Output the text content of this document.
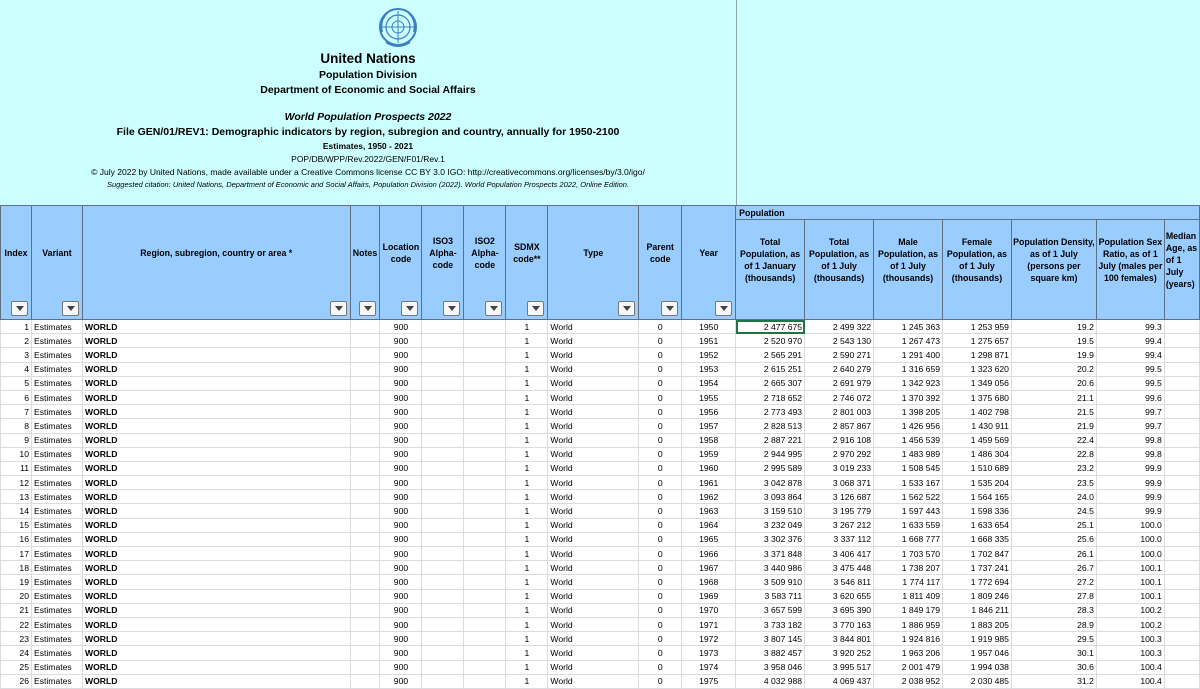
United Nations
Population Division
Department of Economic and Social Affairs
World Population Prospects 2022
File GEN/01/REV1: Demographic indicators by region, subregion and country, annually for 1950-2100
Estimates, 1950 - 2021
POP/DB/WPP/Rev.2022/GEN/F01/Rev.1
© July 2022 by United Nations, made available under a Creative Commons license CC BY 3.0 IGO: http://creativecommons.org/licenses/by/3.0/igo/
Suggested citation: United Nations, Department of Economic and Social Affairs, Population Division (2022). World Population Prospects 2022, Online Edition.
Index	Variant	Region, subregion, country or area *	Notes	Location code	ISO3 Alpha-code	ISO2 Alpha-code	SDMX code**	Type	Parent code	Year	Population						
											Total Population, as of 1 January (thousands)	Total Population, as of 1 July (thousands)	Male Population, as of 1 July (thousands)	Female Population, as of 1 July (thousands)	Population Density, as of 1 July (persons per square km)	Population Sex Ratio, as of 1 July (males per 100 females)	Median Age, as of 1 July (years)
1	Estimates	WORLD		900			1	World	0	1950	2 477 675	2 499 322	1 245 363	1 253 959	19.2	99.3	
2	Estimates	WORLD		900			1	World	0	1951	2 520 970	2 543 130	1 267 473	1 275 657	19.5	99.4	
3	Estimates	WORLD		900			1	World	0	1952	2 565 291	2 590 271	1 291 400	1 298 871	19.9	99.4	
4	Estimates	WORLD		900			1	World	0	1953	2 615 251	2 640 279	1 316 659	1 323 620	20.2	99.5	
5	Estimates	WORLD		900			1	World	0	1954	2 665 307	2 691 979	1 342 923	1 349 056	20.6	99.5	
6	Estimates	WORLD		900			1	World	0	1955	2 718 652	2 746 072	1 370 392	1 375 680	21.1	99.6	
7	Estimates	WORLD		900			1	World	0	1956	2 773 493	2 801 003	1 398 205	1 402 798	21.5	99.7	
8	Estimates	WORLD		900			1	World	0	1957	2 828 513	2 857 867	1 426 956	1 430 911	21.9	99.7	
9	Estimates	WORLD		900			1	World	0	1958	2 887 221	2 916 108	1 456 539	1 459 569	22.4	99.8	
10	Estimates	WORLD		900			1	World	0	1959	2 944 995	2 970 292	1 483 989	1 486 304	22.8	99.8	
11	Estimates	WORLD		900			1	World	0	1960	2 995 589	3 019 233	1 508 545	1 510 689	23.2	99.9	
12	Estimates	WORLD		900			1	World	0	1961	3 042 878	3 068 371	1 533 167	1 535 204	23.5	99.9	
13	Estimates	WORLD		900			1	World	0	1962	3 093 864	3 126 687	1 562 522	1 564 165	24.0	99.9	
14	Estimates	WORLD		900			1	World	0	1963	3 159 510	3 195 779	1 597 443	1 598 336	24.5	99.9	
15	Estimates	WORLD		900			1	World	0	1964	3 232 049	3 267 212	1 633 559	1 633 654	25.1	100.0	
16	Estimates	WORLD		900			1	World	0	1965	3 302 376	3 337 112	1 668 777	1 668 335	25.6	100.0	
17	Estimates	WORLD		900			1	World	0	1966	3 371 848	3 406 417	1 703 570	1 702 847	26.1	100.0	
18	Estimates	WORLD		900			1	World	0	1967	3 440 986	3 475 448	1 738 207	1 737 241	26.7	100.1	
19	Estimates	WORLD		900			1	World	0	1968	3 509 910	3 546 811	1 774 117	1 772 694	27.2	100.1	
20	Estimates	WORLD		900			1	World	0	1969	3 583 711	3 620 655	1 811 409	1 809 246	27.8	100.1	
21	Estimates	WORLD		900			1	World	0	1970	3 657 599	3 695 390	1 849 179	1 846 211	28.3	100.2	
22	Estimates	WORLD		900			1	World	0	1971	3 733 182	3 770 163	1 886 959	1 883 205	28.9	100.2	
23	Estimates	WORLD		900			1	World	0	1972	3 807 145	3 844 801	1 924 816	1 919 985	29.5	100.3	
24	Estimates	WORLD		900			1	World	0	1973	3 882 457	3 920 252	1 963 206	1 957 046	30.1	100.3	
25	Estimates	WORLD		900			1	World	0	1974	3 958 046	3 995 517	2 001 479	1 994 038	30.6	100.4	
26	Estimates	WORLD		900			1	World	0	1975	4 032 988	4 069 437	2 038 952	2 030 485	31.2	100.4	
